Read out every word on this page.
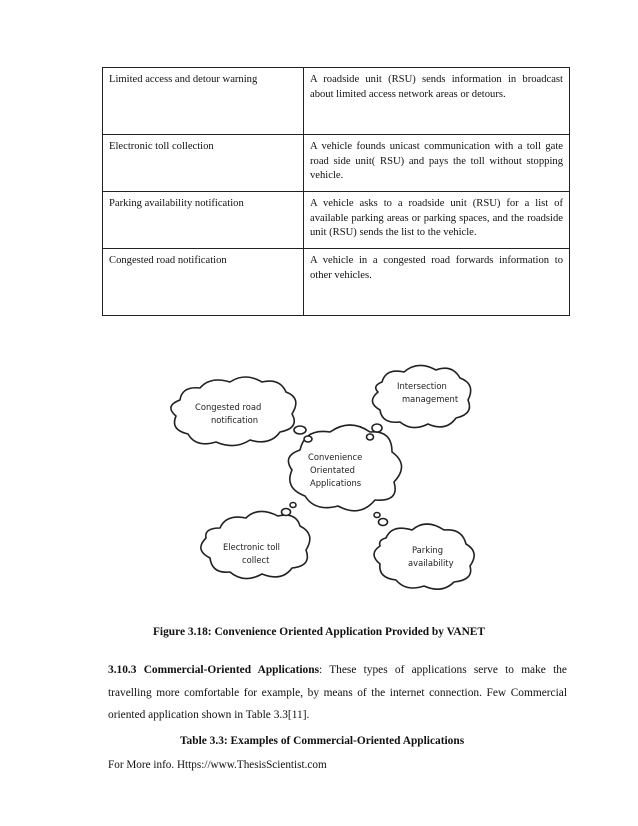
Limited access and detour warning	A roadside unit (RSU) sends information in broadcast about limited access network areas or detours.
Electronic toll collection	A vehicle founds unicast communication with a toll gate road side unit( RSU) and pays the toll without stopping vehicle.
Parking availability notification	A vehicle asks to a roadside unit (RSU) for a list of available parking areas or parking spaces, and the roadside unit (RSU) sends the list to the vehicle.
Congested road notification	A vehicle in a congested road forwards information to other vehicles.
Convenience
Orientated
Applications
Congested road
notification
Intersection
management
Electronic toll
collect
Parking
availability
Figure 3.18: Convenience Oriented Application Provided by VANET
3.10.3 Commercial-Oriented Applications: These types of applications serve to make the travelling more comfortable for example, by means of the internet connection. Few Commercial oriented application shown in Table 3.3[11].
Table 3.3: Examples of Commercial-Oriented Applications
For More info. Https://www.ThesisScientist.com
